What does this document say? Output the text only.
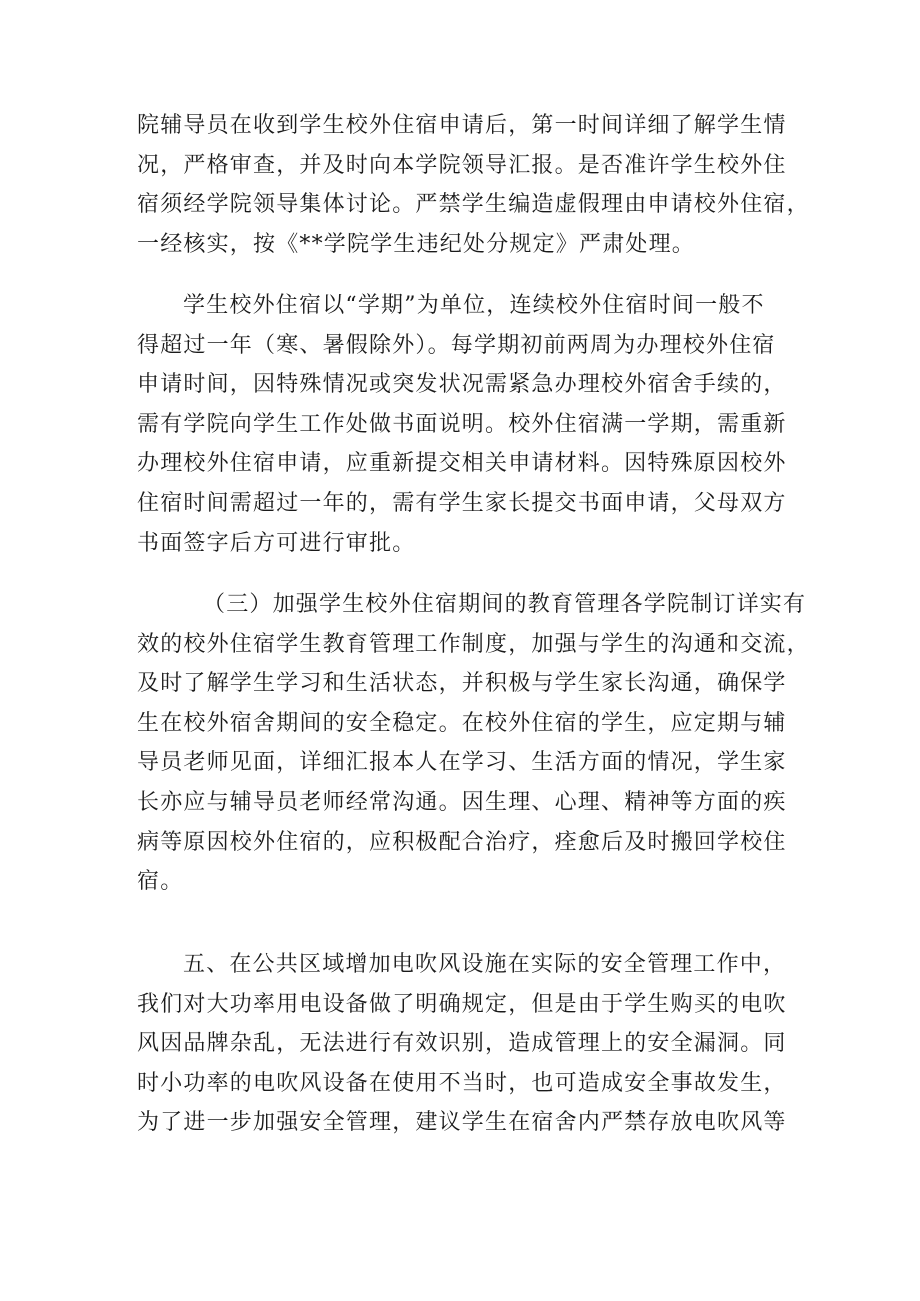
院辅导员在收到学生校外住宿申请后，第一时间详细了解学生情
况，严格审查，并及时向本学院领导汇报。是否准许学生校外住
宿须经学院领导集体讨论。严禁学生编造虚假理由申请校外住宿，
一经核实，按《**学院学生违纪处分规定》严肃处理。
学生校外住宿以“学期”为单位，连续校外住宿时间一般不
得超过一年（寒、暑假除外）。每学期初前两周为办理校外住宿
申请时间，因特殊情况或突发状况需紧急办理校外宿舍手续的，
需有学院向学生工作处做书面说明。校外住宿满一学期，需重新
办理校外住宿申请，应重新提交相关申请材料。因特殊原因校外
住宿时间需超过一年的，需有学生家长提交书面申请，父母双方
书面签字后方可进行审批。
（三）加强学生校外住宿期间的教育管理各学院制订详实有
效的校外住宿学生教育管理工作制度，加强与学生的沟通和交流，
及时了解学生学习和生活状态，并积极与学生家长沟通，确保学
生在校外宿舍期间的安全稳定。在校外住宿的学生，应定期与辅
导员老师见面，详细汇报本人在学习、生活方面的情况，学生家
长亦应与辅导员老师经常沟通。因生理、心理、精神等方面的疾
病等原因校外住宿的，应积极配合治疗，痊愈后及时搬回学校住
宿。
五、在公共区域增加电吹风设施在实际的安全管理工作中，
我们对大功率用电设备做了明确规定，但是由于学生购买的电吹
风因品牌杂乱，无法进行有效识别，造成管理上的安全漏洞。同
时小功率的电吹风设备在使用不当时，也可造成安全事故发生，
为了进一步加强安全管理，建议学生在宿舍内严禁存放电吹风等
